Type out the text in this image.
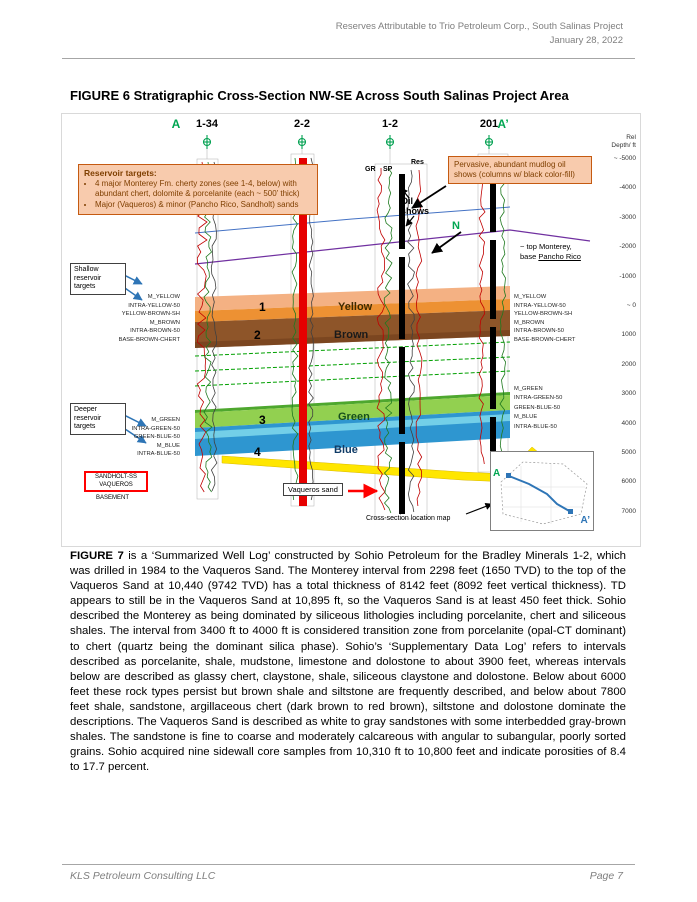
Reserves Attributable to Trio Petroleum Corp., South Salinas Project
January 28, 2022
FIGURE 6 Stratigraphic Cross-Section NW-SE Across South Salinas Project Area
A 1-34	2-2	1-2	201 A’
GR SP
Res
Reservoir targets:
• 4 major Monterey Fm. cherty zones (see 1-4, below) with abundant chert, dolomite & porcelanite (each ~ 500’ thick)
• Major (Vaqueros) & minor (Pancho Rico, Sandholt) sands
Pervasive, abundant mudlog oil shows (columns w/ black color-fill)
Oil shows
N
~ top Monterey,
base Pancho Rico
Shallow reservoir targets
Deeper reservoir targets
M_YELLOW
INTRA-YELLOW-50
YELLOW-BROWN-SH
M_BROWN
INTRA-BROWN-50
BASE-BROWN-CHERT
M_GREEN
INTRA-GREEN-50
GREEN-BLUE-50
M_BLUE
INTRA-BLUE-50
M_YELLOW
INTRA-YELLOW-50
YELLOW-BROWN-SH
M_BROWN
INTRA-BROWN-50
BASE-BROWN-CHERT
M_GREEN
INTRA-GREEN-50
GREEN-BLUE-50
M_BLUE
INTRA-BLUE-50
SANDHOLT-SS
VAQUEROS
BASEMENT
1
2
3
4
Yellow
Brown
Green
Blue
Rel
Depth/ ft
~ -5000
-4000
-3000
-2000
-1000
~ 0
1000
2000
3000
4000
5000
6000
7000
Vaqueros sand
Cross-section location map
A
A’
FIGURE 7 is a ‘Summarized Well Log’ constructed by Sohio Petroleum for the Bradley Minerals 1-2, which was drilled in 1984 to the Vaqueros Sand. The Monterey interval from 2298 feet (1650 TVD) to the top of the Vaqueros Sand at 10,440 (9742 TVD) has a total thickness of 8142 feet (8092 feet vertical thickness). TD appears to still be in the Vaqueros Sand at 10,895 ft, so the Vaqueros Sand is at least 450 feet thick. Sohio described the Monterey as being dominated by siliceous lithologies including porcelanite, chert and siliceous shales. The interval from 3400 ft to 4000 ft is considered transition zone from porcelanite (opal-CT dominant) to chert (quartz being the dominant silica phase). Sohio’s ‘Supplementary Data Log’ refers to intervals described as porcelanite, shale, mudstone, limestone and dolostone to about 3900 feet, whereas intervals below are described as glassy chert, claystone, shale, siliceous claystone and dolostone. Below about 6000 feet these rock types persist but brown shale and siltstone are frequently described, and below about 7800 feet shale, sandstone, argillaceous chert (dark brown to red brown), siltstone and dolostone dominate the descriptions. The Vaqueros Sand is described as white to gray sandstones with some interbedded gray-brown shales. The sandstone is fine to coarse and moderately calcareous with angular to subangular, poorly sorted grains. Sohio acquired nine sidewall core samples from 10,310 ft to 10,800 feet and indicate porosities of 8.4 to 17.7 percent.
KLS Petroleum Consulting LLC	Page 7
